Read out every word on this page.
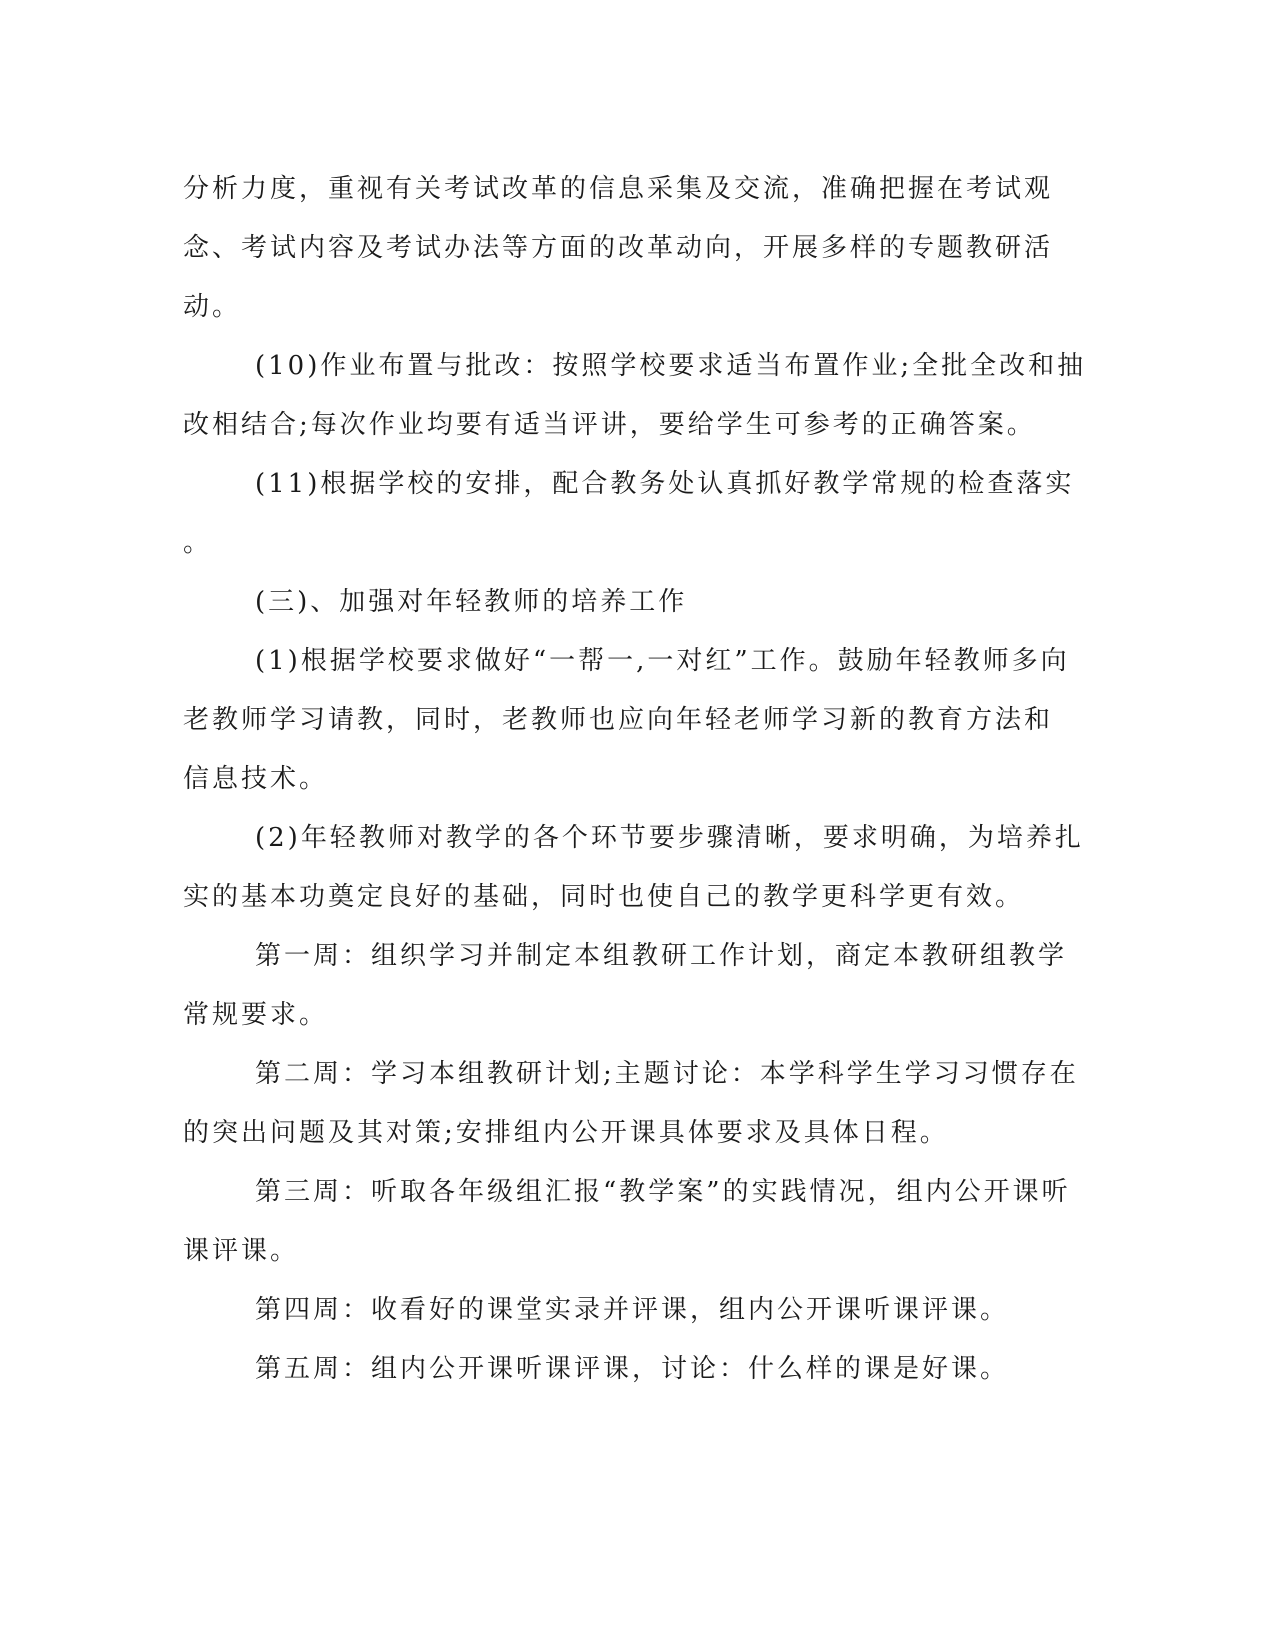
分析力度，重视有关考试改革的信息采集及交流，准确把握在考试观
念、考试内容及考试办法等方面的改革动向，开展多样的专题教研活
动。

(10)作业布置与批改：按照学校要求适当布置作业;全批全改和抽
改相结合;每次作业均要有适当评讲，要给学生可参考的正确答案。

(11)根据学校的安排，配合教务处认真抓好教学常规的检查落实
。

(三)、加强对年轻教师的培养工作

(1)根据学校要求做好“一帮一,一对红”工作。鼓励年轻教师多向
老教师学习请教，同时，老教师也应向年轻老师学习新的教育方法和
信息技术。

(2)年轻教师对教学的各个环节要步骤清晰，要求明确，为培养扎
实的基本功奠定良好的基础，同时也使自己的教学更科学更有效。

第一周：组织学习并制定本组教研工作计划，商定本教研组教学
常规要求。

第二周：学习本组教研计划;主题讨论：本学科学生学习习惯存在
的突出问题及其对策;安排组内公开课具体要求及具体日程。

第三周：听取各年级组汇报“教学案”的实践情况，组内公开课听
课评课。

第四周：收看好的课堂实录并评课，组内公开课听课评课。

第五周：组内公开课听课评课，讨论：什么样的课是好课。
